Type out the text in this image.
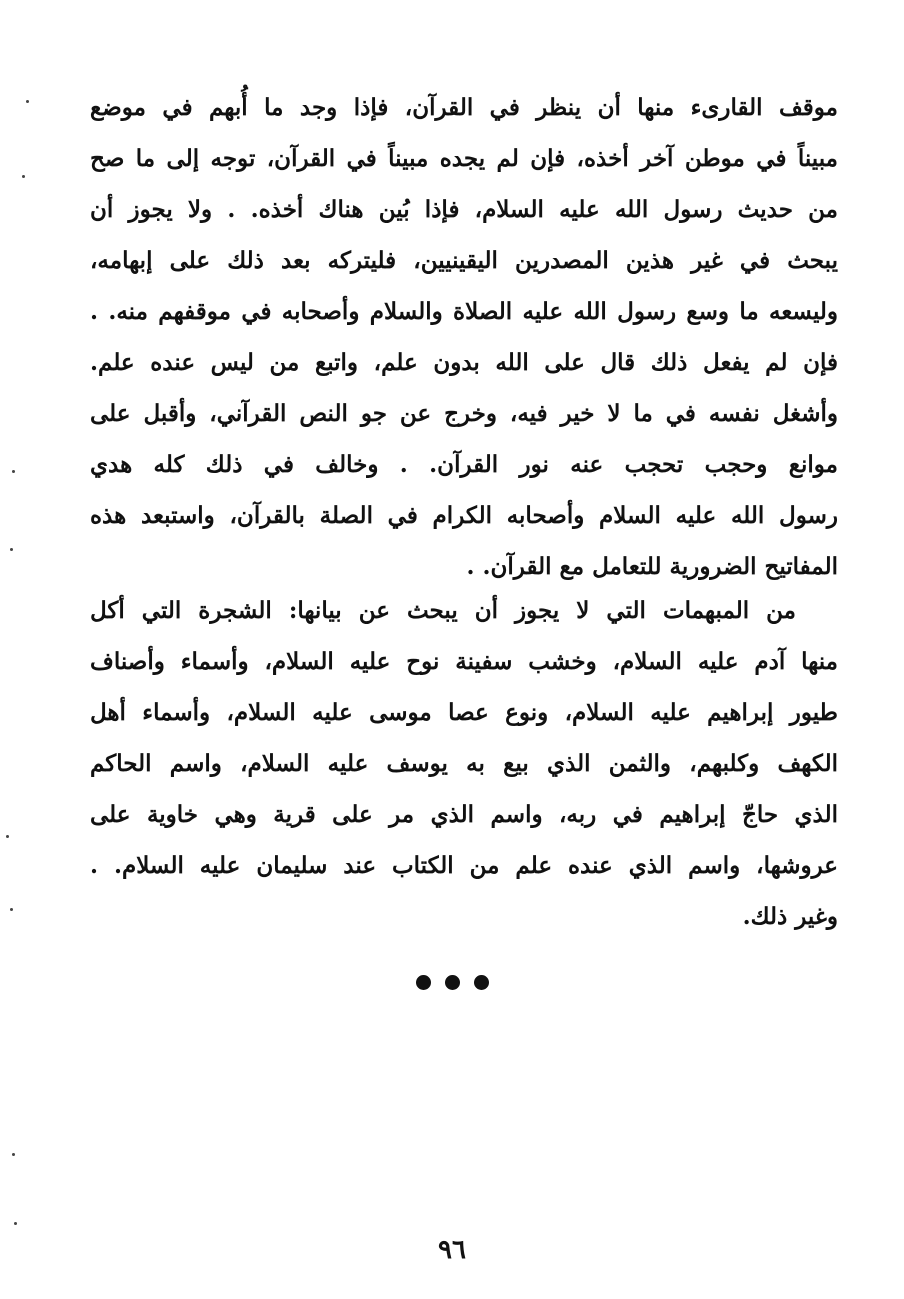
موقف القارىء منها أن ينظر في القرآن، فإذا وجد ما أُبهم في موضع
مبيناً في موطن آخر أخذه، فإن لم يجده مبيناً في القرآن، توجه إلى ما صح
من حديث رسول الله عليه السلام، فإذا بُين هناك أخذه. . ولا يجوز أن
يبحث في غير هذين المصدرين اليقينيين، فليتركه بعد ذلك على إبهامه،
وليسعه ما وسع رسول الله عليه الصلاة والسلام وأصحابه في موقفهم منه. .
فإن لم يفعل ذلك قال على الله بدون علم، واتبع من ليس عنده علم.
وأشغل نفسه في ما لا خير فيه، وخرج عن جو النص القرآني، وأقبل على
موانع وحجب تحجب عنه نور القرآن. . وخالف في ذلك كله هدي
رسول الله عليه السلام وأصحابه الكرام في الصلة بالقرآن، واستبعد هذه
المفاتيح الضرورية للتعامل مع القرآن. .
من المبهمات التي لا يجوز أن يبحث عن بيانها: الشجرة التي أكل
منها آدم عليه السلام، وخشب سفينة نوح عليه السلام، وأسماء وأصناف
طيور إبراهيم عليه السلام، ونوع عصا موسى عليه السلام، وأسماء أهل
الكهف وكلبهم، والثمن الذي بيع به يوسف عليه السلام، واسم الحاكم
الذي حاجّ إبراهيم في ربه، واسم الذي مر على قرية وهي خاوية على
عروشها، واسم الذي عنده علم من الكتاب عند سليمان عليه السلام. .
وغير ذلك.
٩٦
